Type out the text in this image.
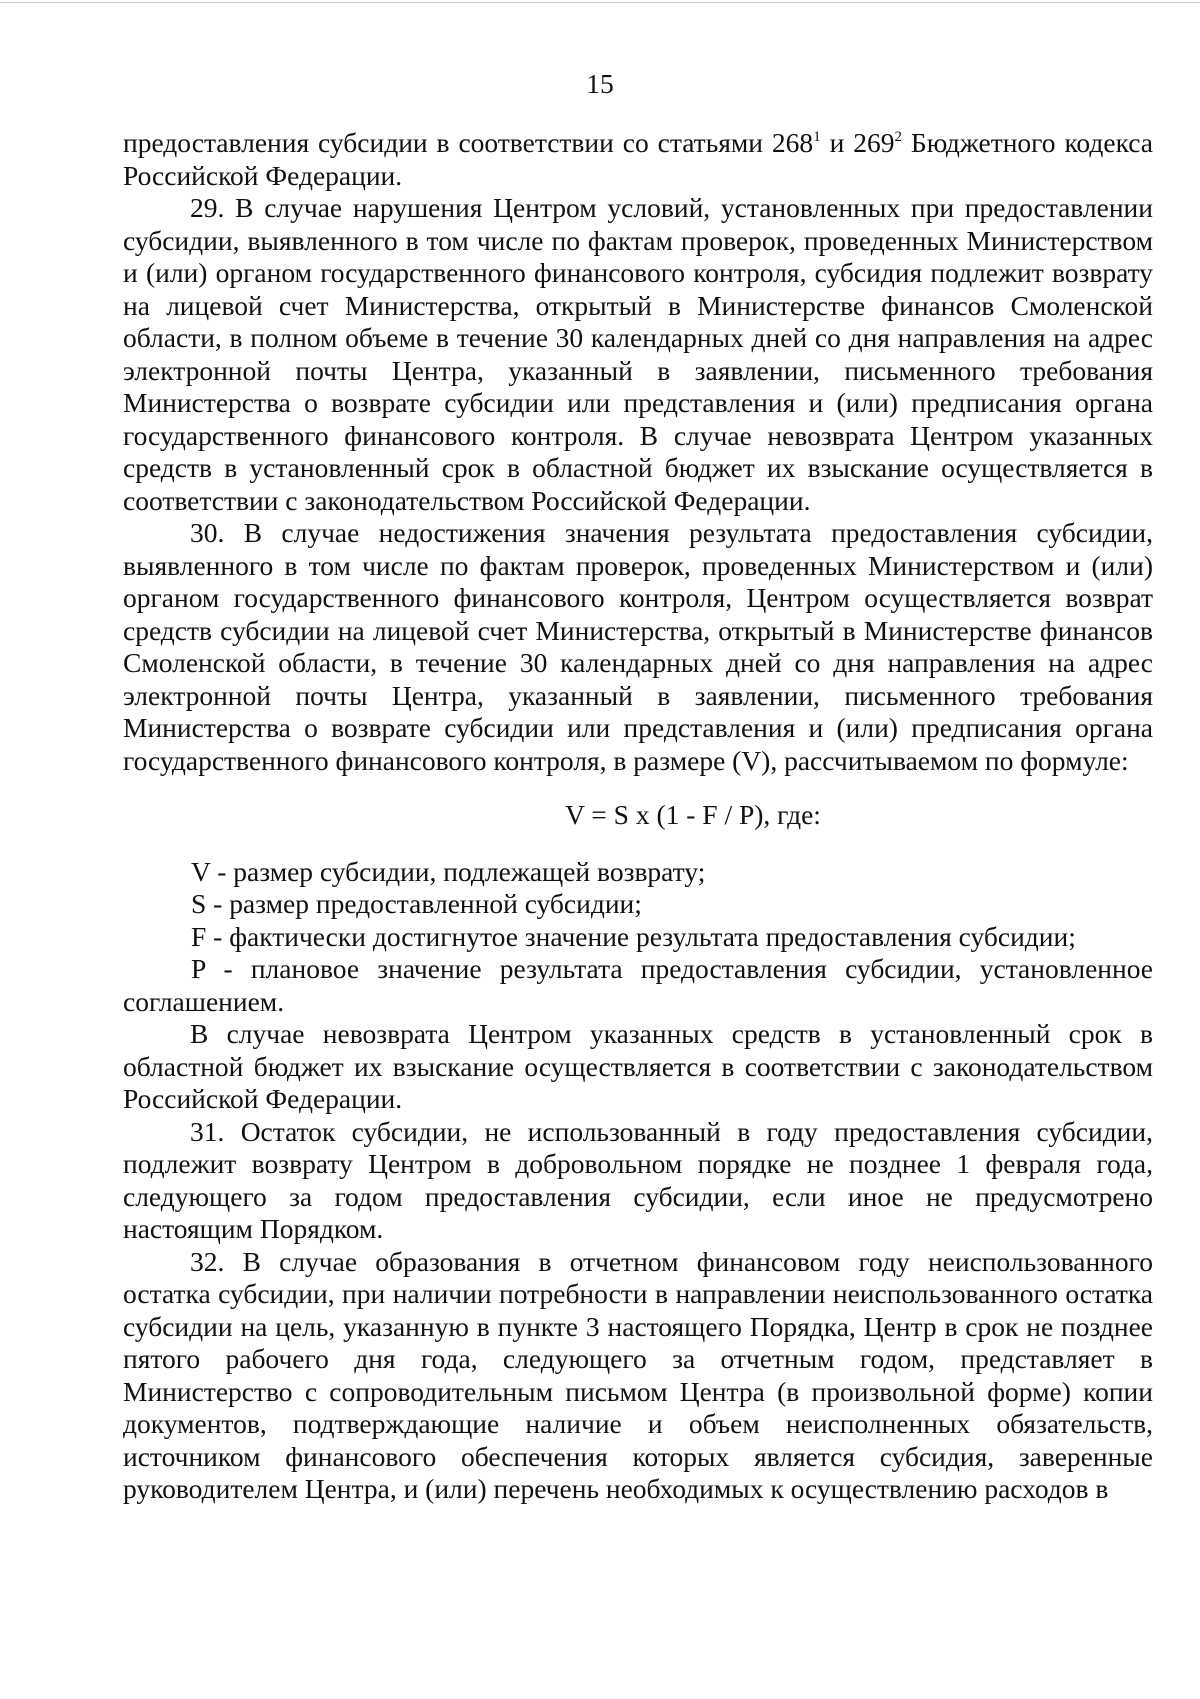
15

предоставления субсидии в соответствии со статьями $268^1$ и $269^2$ Бюджетного кодекса Российской Федерации.

29. В случае нарушения Центром условий, установленных при предоставлении субсидии, выявленного в том числе по фактам проверок, проведенных Министерством и (или) органом государственного финансового контроля, субсидия подлежит возврату на лицевой счет Министерства, открытый в Министерстве финансов Смоленской области, в полном объеме в течение 30 календарных дней со дня направления на адрес электронной почты Центра, указанный в заявлении, письменного требования Министерства о возврате субсидии или представления и (или) предписания органа государственного финансового контроля. В случае невозврата Центром указанных средств в установленный срок в областной бюджет их взыскание осуществляется в соответствии с законодательством Российской Федерации.

30. В случае недостижения значения результата предоставления субсидии, выявленного в том числе по фактам проверок, проведенных Министерством и (или) органом государственного финансового контроля, Центром осуществляется возврат средств субсидии на лицевой счет Министерства, открытый в Министерстве финансов Смоленской области, в течение 30 календарных дней со дня направления на адрес электронной почты Центра, указанный в заявлении, письменного требования Министерства о возврате субсидии или представления и (или) предписания органа государственного финансового контроля, в размере (V), рассчитываемом по формуле:

V = S x (1 - F / P), где:

V - размер субсидии, подлежащей возврату;

S - размер предоставленной субсидии;

F - фактически достигнутое значение результата предоставления субсидии;

P - плановое значение результата предоставления субсидии, установленное соглашением.

В случае невозврата Центром указанных средств в установленный срок в областной бюджет их взыскание осуществляется в соответствии с законодательством Российской Федерации.

31. Остаток субсидии, не использованный в году предоставления субсидии, подлежит возврату Центром в добровольном порядке не позднее 1 февраля года, следующего за годом предоставления субсидии, если иное не предусмотрено настоящим Порядком.

32. В случае образования в отчетном финансовом году неиспользованного остатка субсидии, при наличии потребности в направлении неиспользованного остатка субсидии на цель, указанную в пункте 3 настоящего Порядка, Центр в срок не позднее пятого рабочего дня года, следующего за отчетным годом, представляет в Министерство с сопроводительным письмом Центра (в произвольной форме) копии документов, подтверждающие наличие и объем неисполненных обязательств, источником финансового обеспечения которых является субсидия, заверенные руководителем Центра, и (или) перечень необходимых к осуществлению расходов в
